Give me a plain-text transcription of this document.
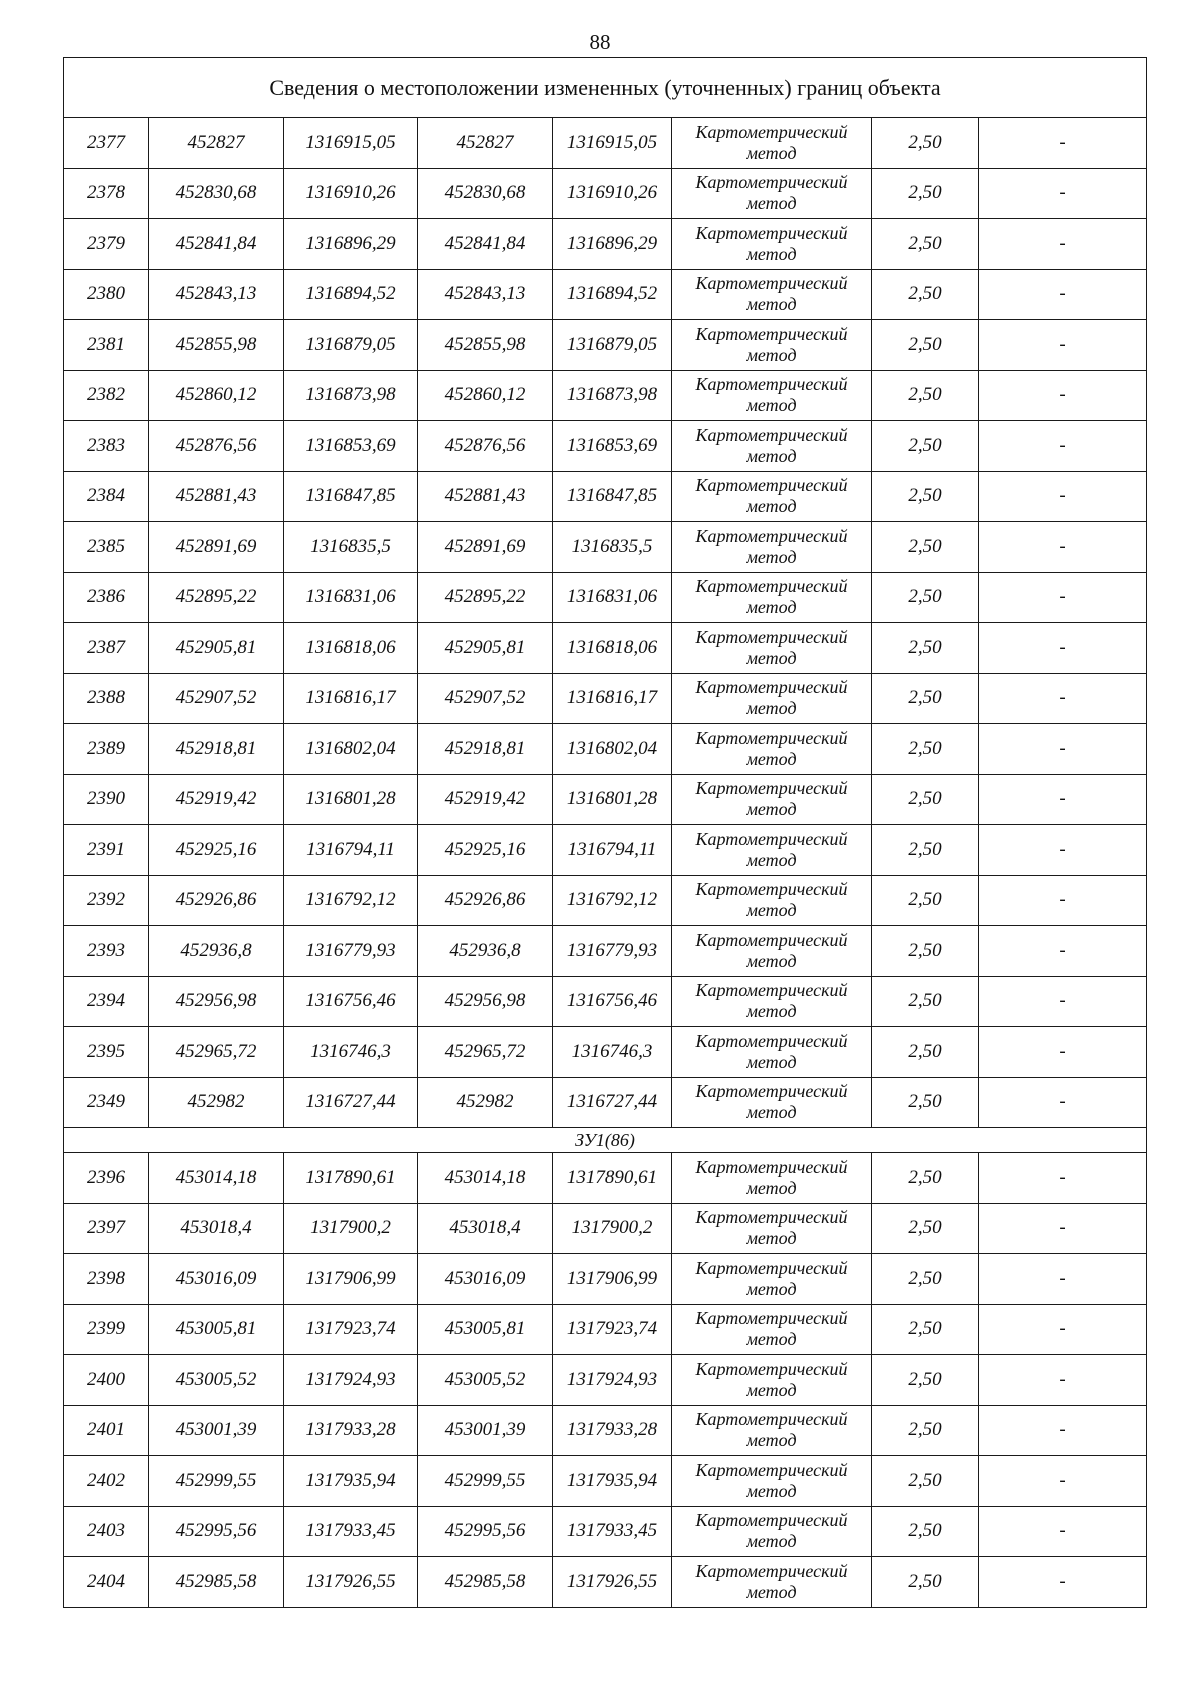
88
Сведения о местоположении измененных (уточненных) границ объекта							
2377	452827	1316915,05	452827	1316915,05	Картометрический метод	2,50	-
2378	452830,68	1316910,26	452830,68	1316910,26	Картометрический метод	2,50	-
2379	452841,84	1316896,29	452841,84	1316896,29	Картометрический метод	2,50	-
2380	452843,13	1316894,52	452843,13	1316894,52	Картометрический метод	2,50	-
2381	452855,98	1316879,05	452855,98	1316879,05	Картометрический метод	2,50	-
2382	452860,12	1316873,98	452860,12	1316873,98	Картометрический метод	2,50	-
2383	452876,56	1316853,69	452876,56	1316853,69	Картометрический метод	2,50	-
2384	452881,43	1316847,85	452881,43	1316847,85	Картометрический метод	2,50	-
2385	452891,69	1316835,5	452891,69	1316835,5	Картометрический метод	2,50	-
2386	452895,22	1316831,06	452895,22	1316831,06	Картометрический метод	2,50	-
2387	452905,81	1316818,06	452905,81	1316818,06	Картометрический метод	2,50	-
2388	452907,52	1316816,17	452907,52	1316816,17	Картометрический метод	2,50	-
2389	452918,81	1316802,04	452918,81	1316802,04	Картометрический метод	2,50	-
2390	452919,42	1316801,28	452919,42	1316801,28	Картометрический метод	2,50	-
2391	452925,16	1316794,11	452925,16	1316794,11	Картометрический метод	2,50	-
2392	452926,86	1316792,12	452926,86	1316792,12	Картометрический метод	2,50	-
2393	452936,8	1316779,93	452936,8	1316779,93	Картометрический метод	2,50	-
2394	452956,98	1316756,46	452956,98	1316756,46	Картометрический метод	2,50	-
2395	452965,72	1316746,3	452965,72	1316746,3	Картометрический метод	2,50	-
2349	452982	1316727,44	452982	1316727,44	Картометрический метод	2,50	-
ЗУ1(86)							
2396	453014,18	1317890,61	453014,18	1317890,61	Картометрический метод	2,50	-
2397	453018,4	1317900,2	453018,4	1317900,2	Картометрический метод	2,50	-
2398	453016,09	1317906,99	453016,09	1317906,99	Картометрический метод	2,50	-
2399	453005,81	1317923,74	453005,81	1317923,74	Картометрический метод	2,50	-
2400	453005,52	1317924,93	453005,52	1317924,93	Картометрический метод	2,50	-
2401	453001,39	1317933,28	453001,39	1317933,28	Картометрический метод	2,50	-
2402	452999,55	1317935,94	452999,55	1317935,94	Картометрический метод	2,50	-
2403	452995,56	1317933,45	452995,56	1317933,45	Картометрический метод	2,50	-
2404	452985,58	1317926,55	452985,58	1317926,55	Картометрический метод	2,50	-
